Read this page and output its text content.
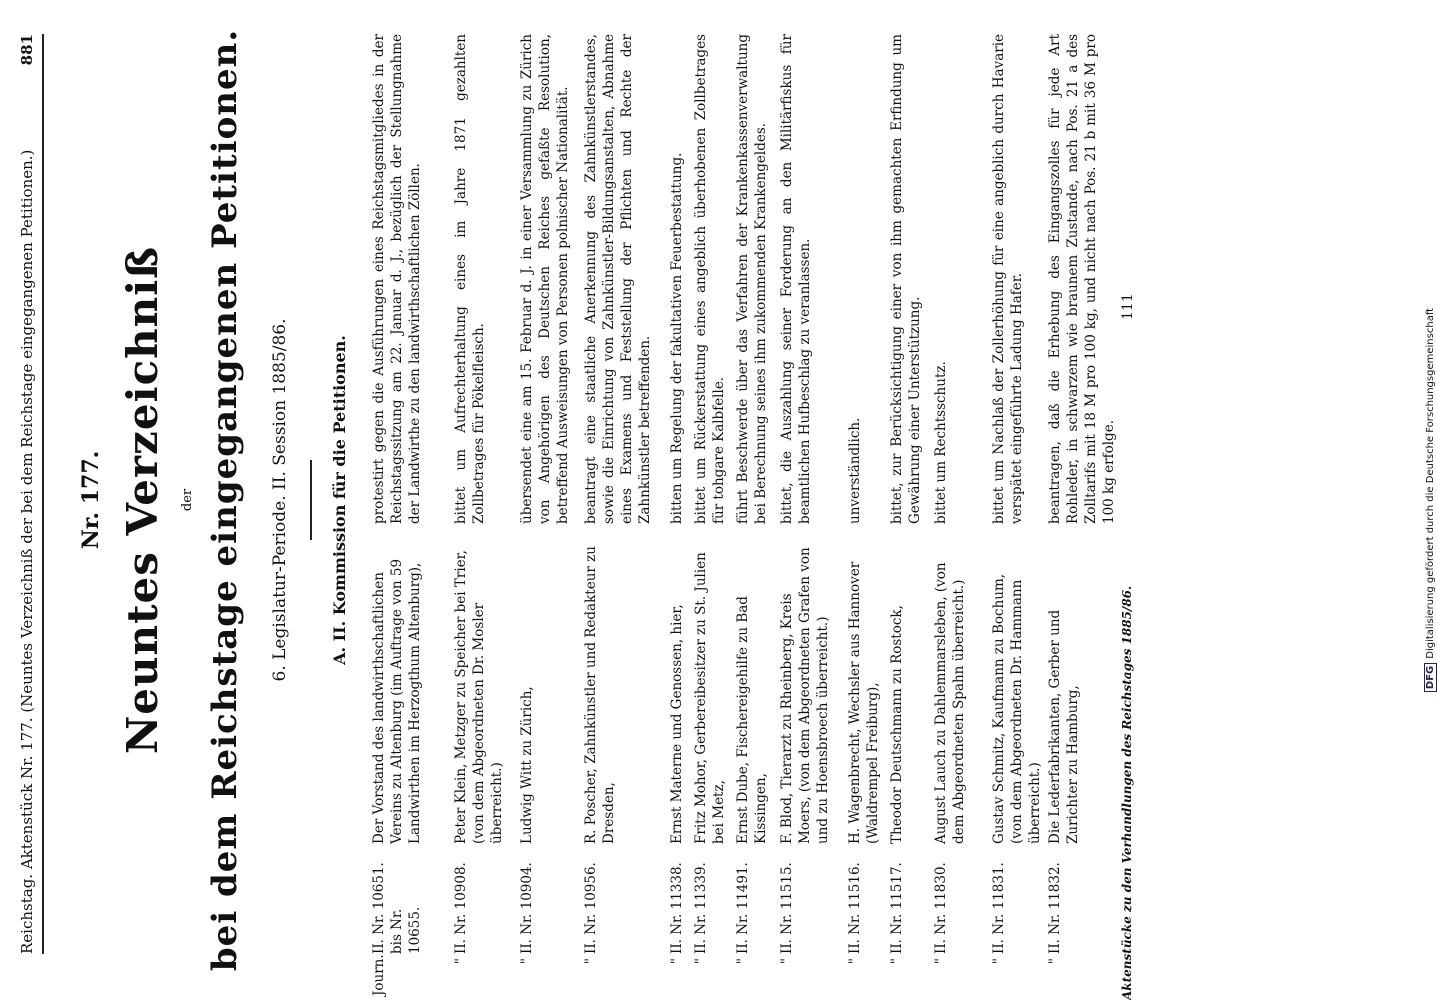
Reichstag. Aktenstück Nr. 177. (Neuntes Verzeichniß der bei dem Reichstage eingegangenen Petitionen.)
881
Nr. 177. Neuntes Verzeichniß der bei dem Reichstage eingegangenen Petitionen. 6. Legislatur-Periode. II. Session 1885/86.	A. II. Kommission für die Petitionen.
Journ.
II. Nr. 10651. bis Nr. 10655.
Der Vorstand des landwirthschaftlichen Vereins zu Altenburg (im Auftrage von 59 Landwirthen im Herzogthum Altenburg),
protestirt gegen die Ausführungen eines Reichstagsmitgliedes in der Reichstagssitzung am 22. Januar d. J., bezüglich der Stellungnahme der Landwirthe zu den landwirthschaftlichen Zöllen.
"
II. Nr. 10908.
Peter Klein, Metzger zu Speicher bei Trier, (von dem Abgeordneten Dr. Mosler überreicht.)
bittet um Aufrechterhaltung eines im Jahre 1871 gezahlten Zollbetrages für Pökelfleisch.
"
II. Nr. 10904.
Ludwig Witt zu Zürich,
übersendet eine am 15. Februar d. J. in einer Versammlung zu Zürich von Angehörigen des Deutschen Reiches gefaßte Resolution, betreffend Ausweisungen von Personen polnischer Nationalität.
"
II. Nr. 10956.
R. Poscher, Zahnkünstler und Redakteur zu Dresden,
beantragt eine staatliche Anerkennung des Zahnkünstlerstandes, sowie die Einrichtung von Zahnkünstler-Bildungsanstalten, Abnahme eines Examens und Feststellung der Pflichten und Rechte der Zahnkünstler betreffenden.
"
II. Nr. 11338.
Ernst Materne und Genossen, hier,
bitten um Regelung der fakultativen Feuerbestattung.
"
II. Nr. 11339.
Fritz Mohor, Gerbereibesitzer zu St. Julien bei Metz,
bittet um Rückerstattung eines angeblich überhobenen Zollbetrages für tohgare Kalbfelle.
"
II. Nr. 11491.
Ernst Dube, Fischereigehilfe zu Bad Kissingen,
führt Beschwerde über das Verfahren der Krankenkassenverwaltung bei Berechnung seines ihm zukommenden Krankengeldes.
"
II. Nr. 11515.
F. Blod, Tierarzt zu Rheinberg, Kreis Moers, (von dem Abgeordneten Grafen von und zu Hoensbroech überreicht.)
bittet, die Auszahlung seiner Forderung an den Militärfiskus für beamtlichen Hufbeschlag zu veranlassen.
"
II. Nr. 11516.
H. Wagenbrecht, Wechsler aus Hannover (Waldrempel Freiburg),
unverständlich.
"
II. Nr. 11517.
Theodor Deutschmann zu Rostock,
bittet, zur Berücksichtigung einer von ihm gemachten Erfindung um Gewährung einer Unterstützung.
"
II. Nr. 11830.
August Lauch zu Dahlemmarsleben, (von dem Abgeordneten Spahn überreicht.)
bittet um Rechtsschutz.
"
II. Nr. 11831.
Gustav Schmitz, Kaufmann zu Bochum, (von dem Abgeordneten Dr. Hammann überreicht.)
bittet um Nachlaß der Zollerhöhung für eine angeblich durch Havarie verspätet eingeführte Ladung Hafer.
"
II. Nr. 11832.
Die Lederfabrikanten, Gerber und Zurichter zu Hamburg,
beantragen, daß die Erhebung des Eingangszolles für jede Art Rohleder, in schwarzem wie braunem Zustande, nach Pos. 21 a des Zolltarifs mit 18 M pro 100 kg, und nicht nach Pos. 21 b mit 36 M pro 100 kg erfolge.
Aktenstücke zu den Verhandlungen des Reichstages 1885/86.
111
DFGDigitalisierung gefördert durch die Deutsche Forschungsgemeinschaft
